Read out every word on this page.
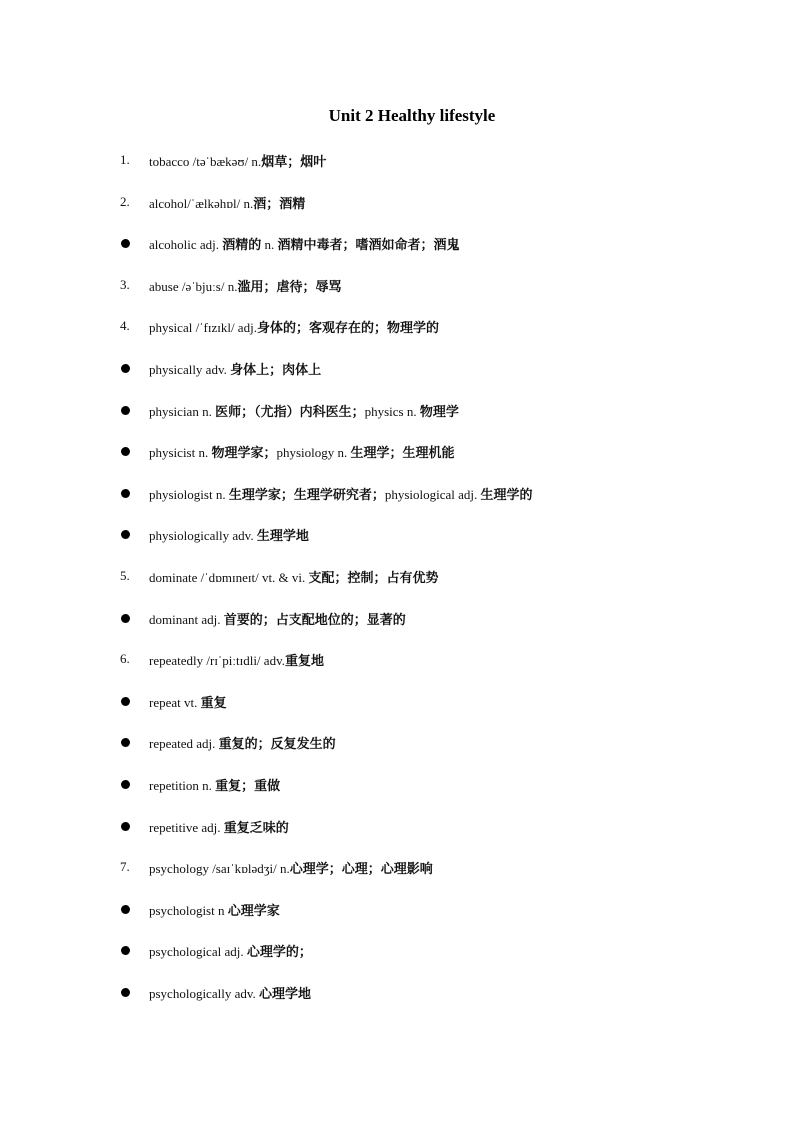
Unit 2 Healthy lifestyle
1. tobacco /təˈbækəʊ/ n.烟草；烟叶
2. alcohol/ˈælkəhɒl/ n.酒；酒精
alcoholic adj. 酒精的 n. 酒精中毒者；嗜酒如命者；酒鬼
3. abuse /əˈbjuːs/ n.滥用；虐待；辱骂
4. physical /ˈfɪzɪkl/ adj.身体的；客观存在的；物理学的
physically adv. 身体上；肉体上
physician n. 医师；（尤指）内科医生；physics n. 物理学
physicist n. 物理学家；physiology n. 生理学；生理机能
physiologist n. 生理学家；生理学研究者；physiological adj. 生理学的
physiologically adv. 生理学地
5. dominate /ˈdɒmɪneɪt/ vt. & vi. 支配；控制；占有优势
dominant adj. 首要的；占支配地位的；显著的
6. repeatedly /rɪˈpiːtɪdli/ adv.重复地
repeat vt. 重复
repeated adj. 重复的；反复发生的
repetition n. 重复；重做
repetitive adj. 重复乏味的
7. psychology /saɪˈkɒlədʒi/ n.心理学；心理；心理影响
psychologist n 心理学家
psychological adj. 心理学的；
psychologically adv. 心理学地
